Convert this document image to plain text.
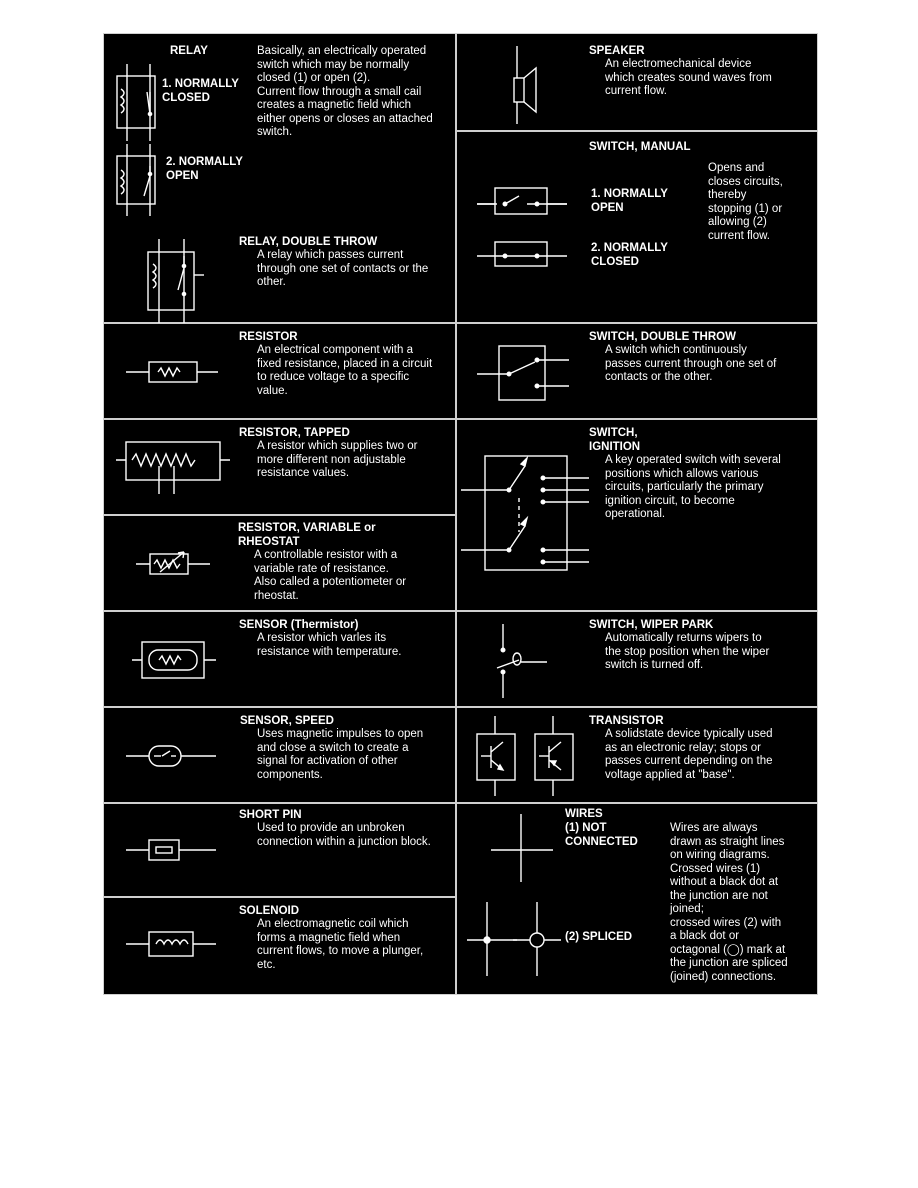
RELAY	Basically, an electrically operated
switch which may be normally
closed (1) or open (2).
Current flow through a small cail
creates a magnetic field which
either opens or closes an attached
switch.
1. NORMALLY
CLOSED
2. NORMALLY
OPEN
RELAY, DOUBLE THROW
A relay which passes current
through one set of contacts or the
other.
RESISTOR
An electrical component with a
fixed resistance, placed in a circuit
to reduce voltage to a specific
value.
RESISTOR, TAPPED
A resistor which supplies two or
more different non adjustable
resistance values.
RESISTOR, VARIABLE or
RHEOSTAT
A controllable resistor with a
variable rate of resistance.
Also called a potentiometer or
rheostat.
SENSOR (Thermistor)
A resistor which varles its
resistance with temperature.
SENSOR, SPEED
Uses magnetic impulses to open
and close a switch to create a
signal for activation of other
components.
SHORT PIN
Used to provide an unbroken
connection within a junction block.
SOLENOID
An electromagnetic coil which
forms a magnetic field when
current flows, to move a plunger,
etc.
SPEAKER
An electromechanical device
which creates sound waves from
current flow.
SWITCH, MANUAL
1. NORMALLY
OPEN
2. NORMALLY
CLOSED
Opens and
closes circuits,
thereby
stopping (1) or
allowing (2)
current flow.
SWITCH, DOUBLE THROW
A switch which continuously
passes current through one set of
contacts or the other.
SWITCH,
IGNITION
A key operated switch with several
positions which allows various
circuits, particularly the primary
ignition circuit, to become
operational.
SWITCH, WIPER PARK
Automatically returns wipers to
the stop position when the wiper
switch is turned off.
TRANSISTOR
A solidstate device typically used
as an electronic relay; stops or
passes current depending on the
voltage applied at "base".
WIRES
(1) NOT
CONNECTED
(2) SPLICED
Wires are always
drawn as straight lines
on wiring diagrams.
Crossed wires (1)
without a black dot at
the junction are not
joined;
crossed wires (2) with
a black dot or
octagonal (◯) mark at
the junction are spliced
(joined) connections.
